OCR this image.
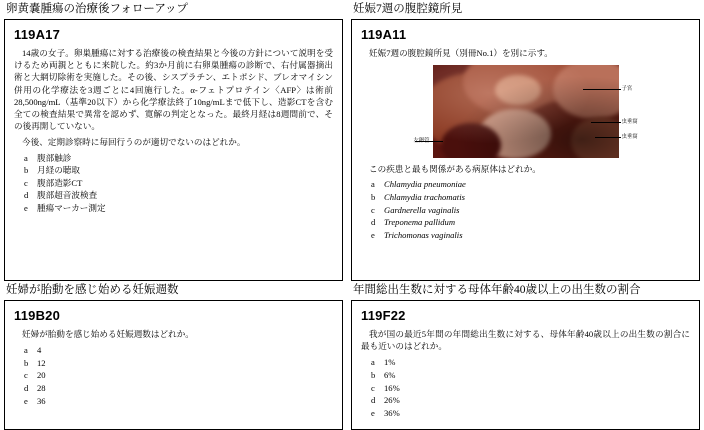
卵黄嚢腫瘍の治療後フォローアップ
119A17

14歳の女子。卵巣腫瘍に対する治療後の検査結果と今後の方針について説明を受けるため両親とともに来院した。約3か月前に右卵巣腫瘍の診断で、右付属器摘出術と大網切除術を実施した。その後、シスプラチン、エトポシド、ブレオマイシン併用の化学療法を3週ごとに4回施行した。α-フェトプロテイン〈AFP〉は術前28,500ng/mL（基準20以下）から化学療法終了10ng/mLまで低下し、造影CTを含む全ての検査結果で異常を認めず、寛解の判定となった。最終月経は8週間前で、その後再開していない。

今後、定期診察時に毎回行うのが適切でないのはどれか。

a	腹部触診
b	月経の聴取
c	腹部造影CT
d	腹部超音波検査
e	腫瘍マーカー測定
妊娠7週の腹腔鏡所見
119A11

妊娠7週の腹腔鏡所見（別冊No.1）を別に示す。

子宮
虫垂窩
虫垂窩
左卵管

この疾患と最も関係がある病原体はどれか。

a	Chlamydia pneumoniae
b	Chlamydia trachomatis
c	Gardnerella vaginalis
d	Treponema pallidum
e	Trichomonas vaginalis
妊婦が胎動を感じ始める妊娠週数
119B20

妊婦が胎動を感じ始める妊娠週数はどれか。

a	4
b	12
c	20
d	28
e	36
年間総出生数に対する母体年齢40歳以上の出生数の割合
119F22

我が国の最近5年間の年間総出生数に対する、母体年齢40歳以上の出生数の割合に最も近いのはどれか。

a	1%
b	6%
c	16%
d	26%
e	36%
